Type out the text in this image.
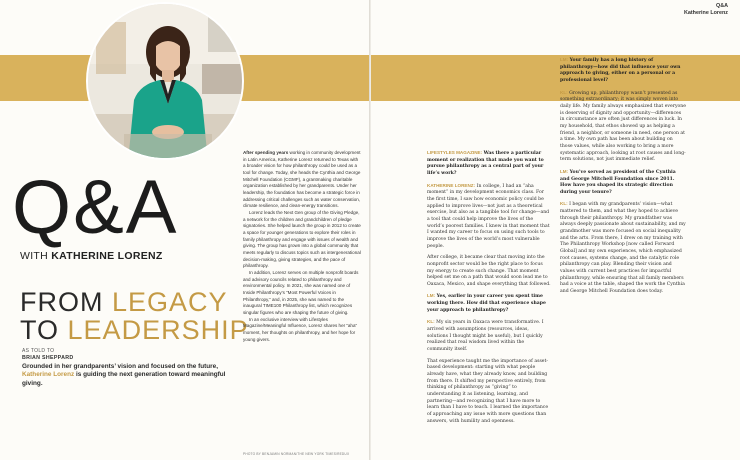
Q&A
WITH KATHERINE LORENZ
FROM LEGACY
TO LEADERSHIP
AS TOLD TO
BRIAN SHEPPARD
Grounded in her grandparents’ vision and focused on the future, Katherine Lorenz is guiding the next generation toward meaningful giving.

After spending years working in community development in Latin America, Katherine Lorenz returned to Texas with a broader vision for how philanthropy could be used as a tool for change. Today, she heads the Cynthia and George Mitchell Foundation (CGMF), a grantmaking charitable organization established by her grandparents. Under her leadership, the foundation has become a strategic force in addressing critical challenges such as water conservation, climate resilience, and clean-energy transitions.

Lorenz leads the Next Gen group of the Giving Pledge, a network for the children and grandchildren of pledge signatories. She helped launch the group in 2012 to create a space for younger generations to explore their roles in family philanthropy and engage with issues of wealth and giving. The group has grown into a global community that meets regularly to discuss topics such as intergenerational decision-making, giving strategies, and the pace of philanthropy.

In addition, Lorenz serves on multiple nonprofit boards and advisory councils related to philanthropy and environmental policy. In 2021, she was named one of Inside Philanthropy’s “Most Powerful Voices in Philanthropy,” and, in 2025, she was named to the inaugural TIME100 Philanthropy list, which recognizes singular figures who are shaping the future of giving.

In an exclusive interview with Lifestyles Magazine/Meaningful Influence, Lorenz shares her “aha” moment, her thoughts on philanthropy, and her hope for young givers.

PHOTO BY BENJAMIN NORMAN/THE NEW YORK TIMES/REDUX
Q&A
Katherine Lorenz

LIFESTYLES MAGAZINE: Was there a particular moment or realization that made you want to pursue philanthropy as a central part of your life’s work?

KATHERINE LORENZ: In college, I had an “aha moment” in my development economics class. For the first time, I saw how economic policy could be applied to improve lives—not just as a theoretical exercise, but also as a tangible tool for change—and a tool that could help improve the lives of the world’s poorest families. I knew in that moment that I wanted my career to focus on using such tools to improve the lives of the world’s most vulnerable people.

After college, it became clear that moving into the nonprofit sector would be the right place to focus my energy to create such change. That moment helped set me on a path that would soon lead me to Oaxaca, Mexico, and shape everything that followed.

LM: Yes, earlier in your career you spent time working there. How did that experience shape your approach to philanthropy?

KL: My six years in Oaxaca were transformative. I arrived with assumptions (resources, ideas, solutions I thought might be useful), but I quickly realized that real wisdom lived within the community itself.

That experience taught me the importance of asset-based development: starting with what people already have, what they already know, and building from there. It shifted my perspective entirely, from thinking of philanthropy as “giving” to understanding it as listening, learning, and partnering—and recognizing that I have more to learn than I have to teach. I learned the importance of approaching any issue with more questions than answers, with humility and openness.

LM: Your family has a long history of philanthropy—how did that influence your own approach to giving, either on a personal or a professional level?

KL: Growing up, philanthropy wasn’t presented as something extraordinary; it was simply woven into daily life. My family always emphasized that everyone is deserving of dignity and opportunity—differences in circumstance are often just differences in luck. In my household, that ethos showed up as helping a friend, a neighbor, or someone in need, one person at a time. My own path has been about building on those values, while also working to bring a more systematic approach, looking at root causes and long-term solutions, not just immediate relief.

LM: You’ve served as president of the Cynthia and George Mitchell Foundation since 2011. How have you shaped its strategic direction during your tenure?

KL: I began with my grandparents’ vision—what mattered to them, and what they hoped to achieve through their philanthropy. My grandfather was always deeply passionate about sustainability, and my grandmother was more focused on social inequality and the arts. From there, I drew on my training with The Philanthropy Workshop [now called Forward Global] and my own experiences, which emphasized root causes, systems change, and the catalytic role philanthropy can play. Blending their vision and values with current best practices for impactful philanthropy, while ensuring that all family members had a voice at the table, shaped the work the Cynthia and George Mitchell Foundation does today.
